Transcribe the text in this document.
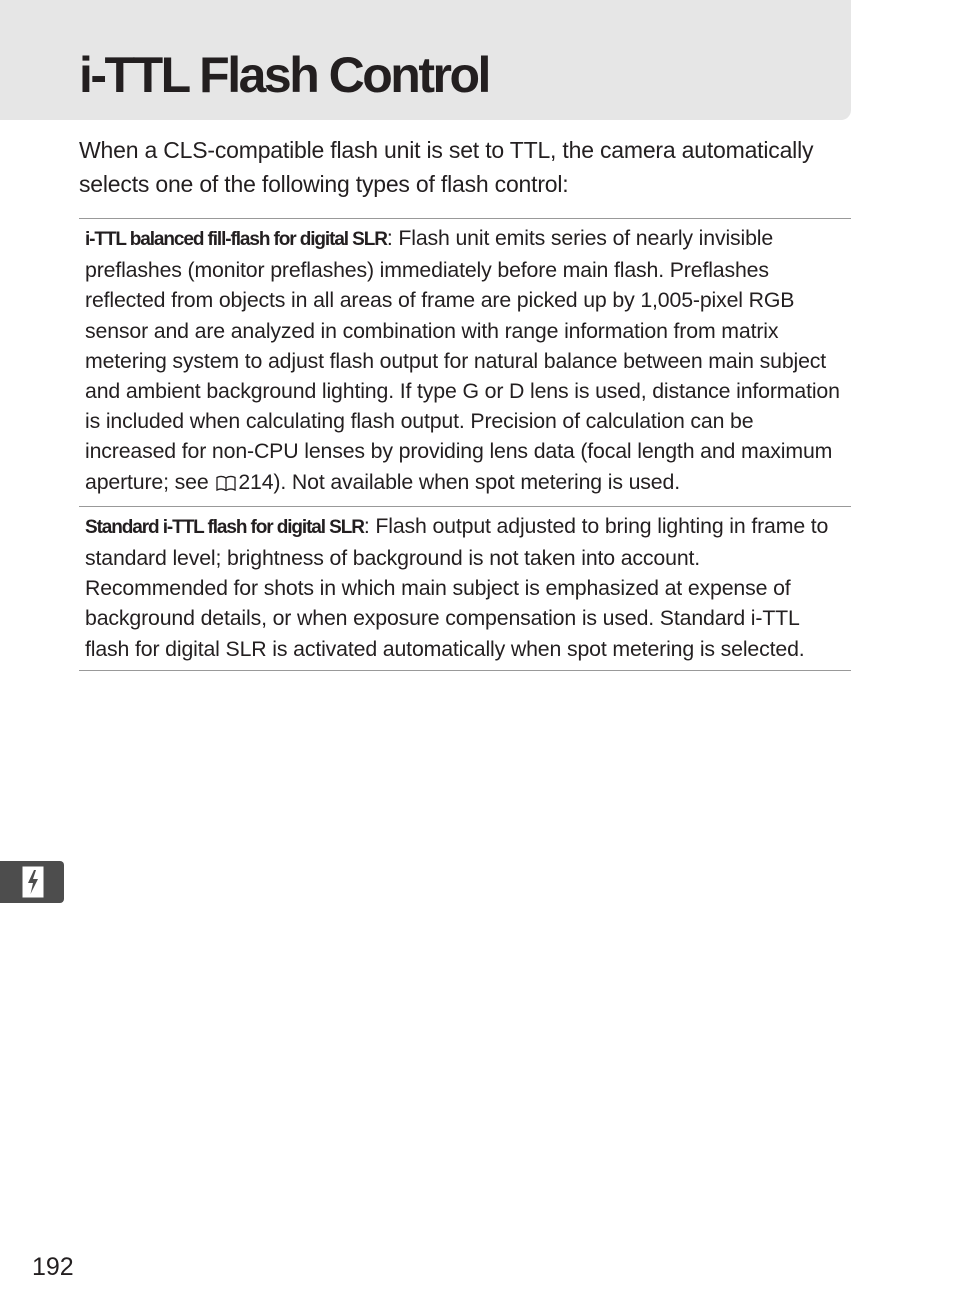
i-TTL Flash Control

When a CLS-compatible flash unit is set to TTL, the camera automatically selects one of the following types of flash control:

i-TTL balanced fill-flash for digital SLR: Flash unit emits series of nearly invisible preflashes (monitor preflashes) immediately before main flash. Preflashes reflected from objects in all areas of frame are picked up by 1,005-pixel RGB sensor and are analyzed in combination with range information from matrix metering system to adjust flash output for natural balance between main subject and ambient background lighting. If type G or D lens is used, distance information is included when calculating flash output. Precision of calculation can be increased for non-CPU lenses by providing lens data (focal length and maximum aperture; see 214). Not available when spot metering is used.

Standard i-TTL flash for digital SLR: Flash output adjusted to bring lighting in frame to standard level; brightness of background is not taken into account. Recommended for shots in which main subject is emphasized at expense of background details, or when exposure compensation is used. Standard i-TTL flash for digital SLR is activated automatically when spot metering is selected.

192
